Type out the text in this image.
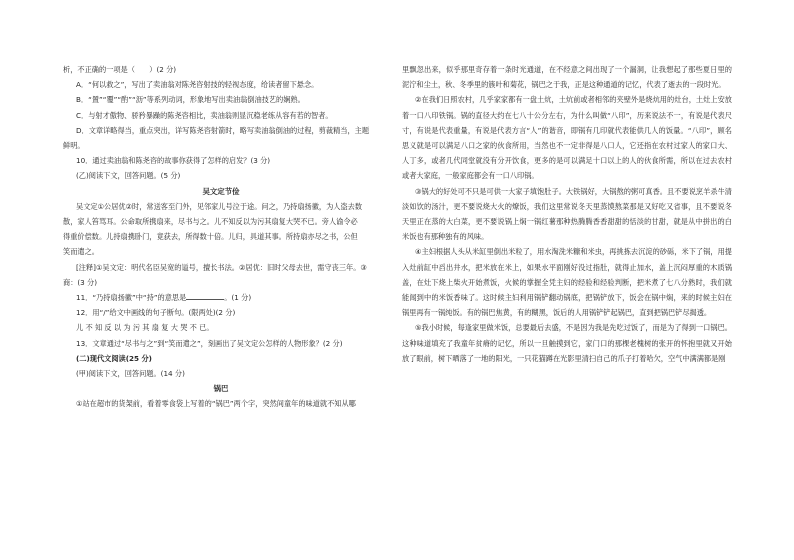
析，不正确的一项是（　　）(2 分)
A．“何以救之”，写出了卖油翁对陈尧咨射技的轻视态度，给读者留下悬念。
B．“置”“覆”“酌”“沥”等系列动词，形象地写出卖油翁倒油技艺的娴熟。
C．与射才傲物、骄矜暴躁的陈尧咨相比，卖油翁则显沉稳老练从容有若的智者。
D．文章详略得当，重点突出，详写陈尧咨射箭时，略写卖油翁倒油的过程，剪裁精当，主题
鲜明。
10．通过卖油翁和陈尧咨的故事你获得了怎样的启发？(3 分)
(乙)阅读下文，回答问题。(5 分)
吴文定节俭
吴文定①公居优②时，常送客至门外，见邻家儿号泣于途。问之，乃持扇扬徽，为人盗去数
散，家人笞骂耳。公命取所携扇来，尽书与之。儿不知反以为污其扇复大哭不已。旁人谕令必
得重价偿数。儿持扇携卧门，竟获去，所得数十倍。儿归，具道其事。所持扇亦尽之书，公但
笑而遣之。
[注释]①吴文定：明代名臣吴宽的谥号，擅长书法。②居优：旧时父母去世，需守丧三年。③
商：(3 分)
11．“乃持扇扬徽”中“持”的意思是	。(1 分)
12．用“/”给文中画线的句子断句。(限两处)(2 分)
儿 不 知 反 以 为 污 其 扇 复 大 哭 不 已。
13．文章通过“尽书与之”到“笑而遣之”，刻画出了吴文定公怎样的人物形象？(2 分)
(二)现代文阅读(25 分)
(甲)阅读下文，回答问题。(14 分)
锅巴
①站在超市的货架前，看着零食袋上写着的“锅巴”两个字，突然间童年的味道就不知从哪
里飘忽出来，似乎那里奇存着一条时光通道，在不经意之间出现了一个漏洞，让我想起了那些夏日里的泥泞和尘土，秋、冬季里的簇叶和菊花，锅巴之于我，正是这种通道的记忆，代表了逝去的一段时光。
②在我们日照农村，几乎家家都有一盘土炕，土炕前或者相邻的夹壁外是烧炕用的灶台，土灶上安放着一口八印铁锅。锅的直径大约在七八十公分左右，为什么叫做“八印”，历来说法不一，有说是代表尺寸，有说是代表重量，有说是代表方言“人”的谐音，即锅有几印就代表能供几人的饭量。“八印”，顾名思义就是可以满足八口之家的伙食所用，当然也不一定非得是八口人，它还指在农村过家人的家口大、人丁多，或者几代同堂就没有分开饮食，更多的是可以满足十口以上的人的伙食所需，所以在过去农村或者大家庭，一般家庭都会有一口八印锅。
③锅大的好处可不只是可供一大家子填饱肚子。大铁锅好，大锅熬的粥可真香。且不要说烹羊杀牛清淡如饮的汤汁，更不要说烧大火的燎饭，我们这里常说冬天里蒸馍熬菜那是又好吃又省事，且不要说冬天里正在蒸的大白菜，更不要说锅上焖一锅红薯那种热腾腾香香甜甜的恬淡的甘甜，就是从中拼出的白米饭也有那种独有的风味。
④主妇根据人头从米缸里倒出米粒了，用水淘洗米糠和米虫，再挑拣去沉淀的砂砾，米下了锅，用提入灶前缸中舀出井水，把米放在米上，如果水平面刚好没过指肚，就得止加水，盖上沉闷厚重的木质锅盖，在灶下烧上柴火开始煮饭，火候的掌握全凭主妇的经验和经验判断，把米煮了七八分熟时，我们就能闻到中的米饭香味了。这时候主妇利用锅铲翻动锅底，把锅铲放下，饭会在锅中焖，来的时候主妇在锅里再有一锅纯饭。有的锅巴焦黄，有的糊黑，饭后的人用锅铲铲起锅巴，直到把锅巴铲尽揭透。
⑤我小时候，每逢家里做米饭，总要最后去盛，不是因为我是先吃过饭了，而是为了得到一口锅巴。这种味道填充了我童年贫瘠的记忆，所以一旦触摸到它，家门口的那棵老槐树的张开的怀抱里就又开始放了眼前，树下晒落了一地的阳光，一只花猫蹲在光影里清扫自己的爪子打着哈欠，空气中满满都是刚
